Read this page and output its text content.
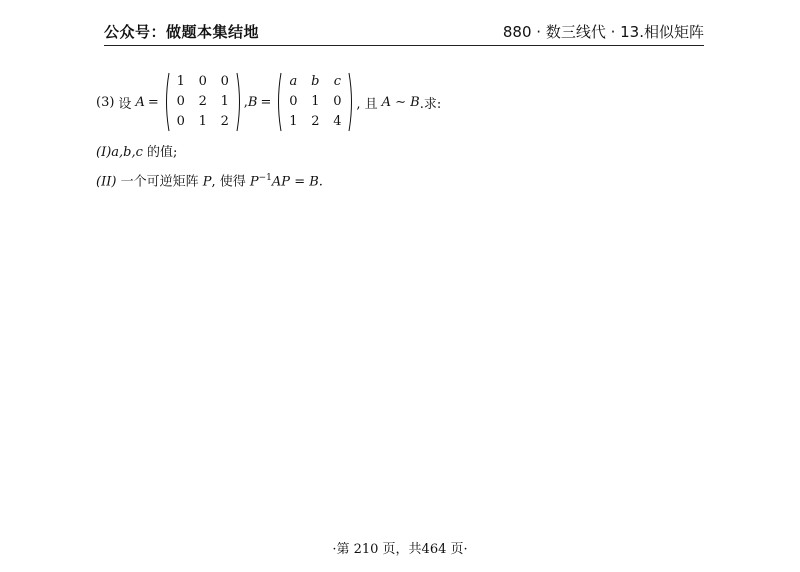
公众号：做题本集结地	880 · 数三线代 · 13.相似矩阵
(3) 设 A =
1	0	0
0	2	1
0	1	2
, B =
a	b	c
0	1	0
1	2	4
, 且 A ∼ B .求:
(I)a,b,c 的值;
(II) 一个可逆矩阵 P, 使得 $P^{-1}AP = B$.
·第 210 页，共464 页·
